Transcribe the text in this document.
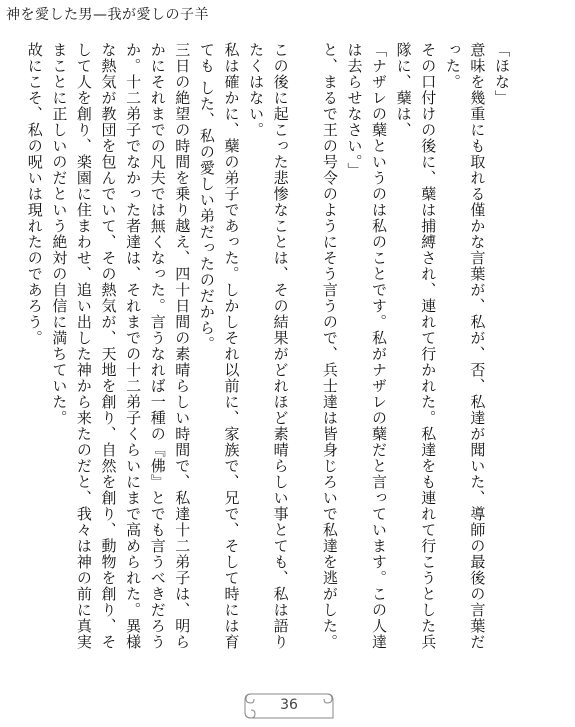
神を愛した男—我が愛しの子羊

「ほな」

意味を幾重にも取れる僅かな言葉が、私が、否、私達が聞いた、導師の最後の言葉だった。

その口付けの後に、蘖は捕縛され、連れて行かれた。私達をも連れて行こうとした兵隊に、蘖は、

「ナザレの蘖というのは私のことです。私がナザレの蘖だと言っています。この人達は去らせなさい。」

と、まるで王の号令のようにそう言うので、兵士達は皆身じろいで私達を逃がした。

この後に起こった悲惨なことは、その結果がどれほど素晴らしい事とても、私は語りたくはない。

私は確かに、蘖の弟子であった。しかしそれ以前に、家族で、兄で、そして時には育ても した、私の愛しい弟だったのだから。

三日の絶望の時間を乗り越え、四十日間の素晴らしい時間で、私達十二弟子は、明らかにそれまでの凡夫では無くなった。言うなれば一種の『佛』とでも言うべきだろうか。十二弟子でなかった者達は、それまでの十二弟子くらいにまで高められた。異様な熱気が教団を包んでいて、その熱気が、天地を創り、自然を創り、動物を創り、そして人を創り、楽園に住まわせ、追い出した神から来たのだと、我々は神の前に真実まことに正しいのだという絶対の自信に満ちていた。

故にこそ、私の呪いは現れたのであろう。

36
